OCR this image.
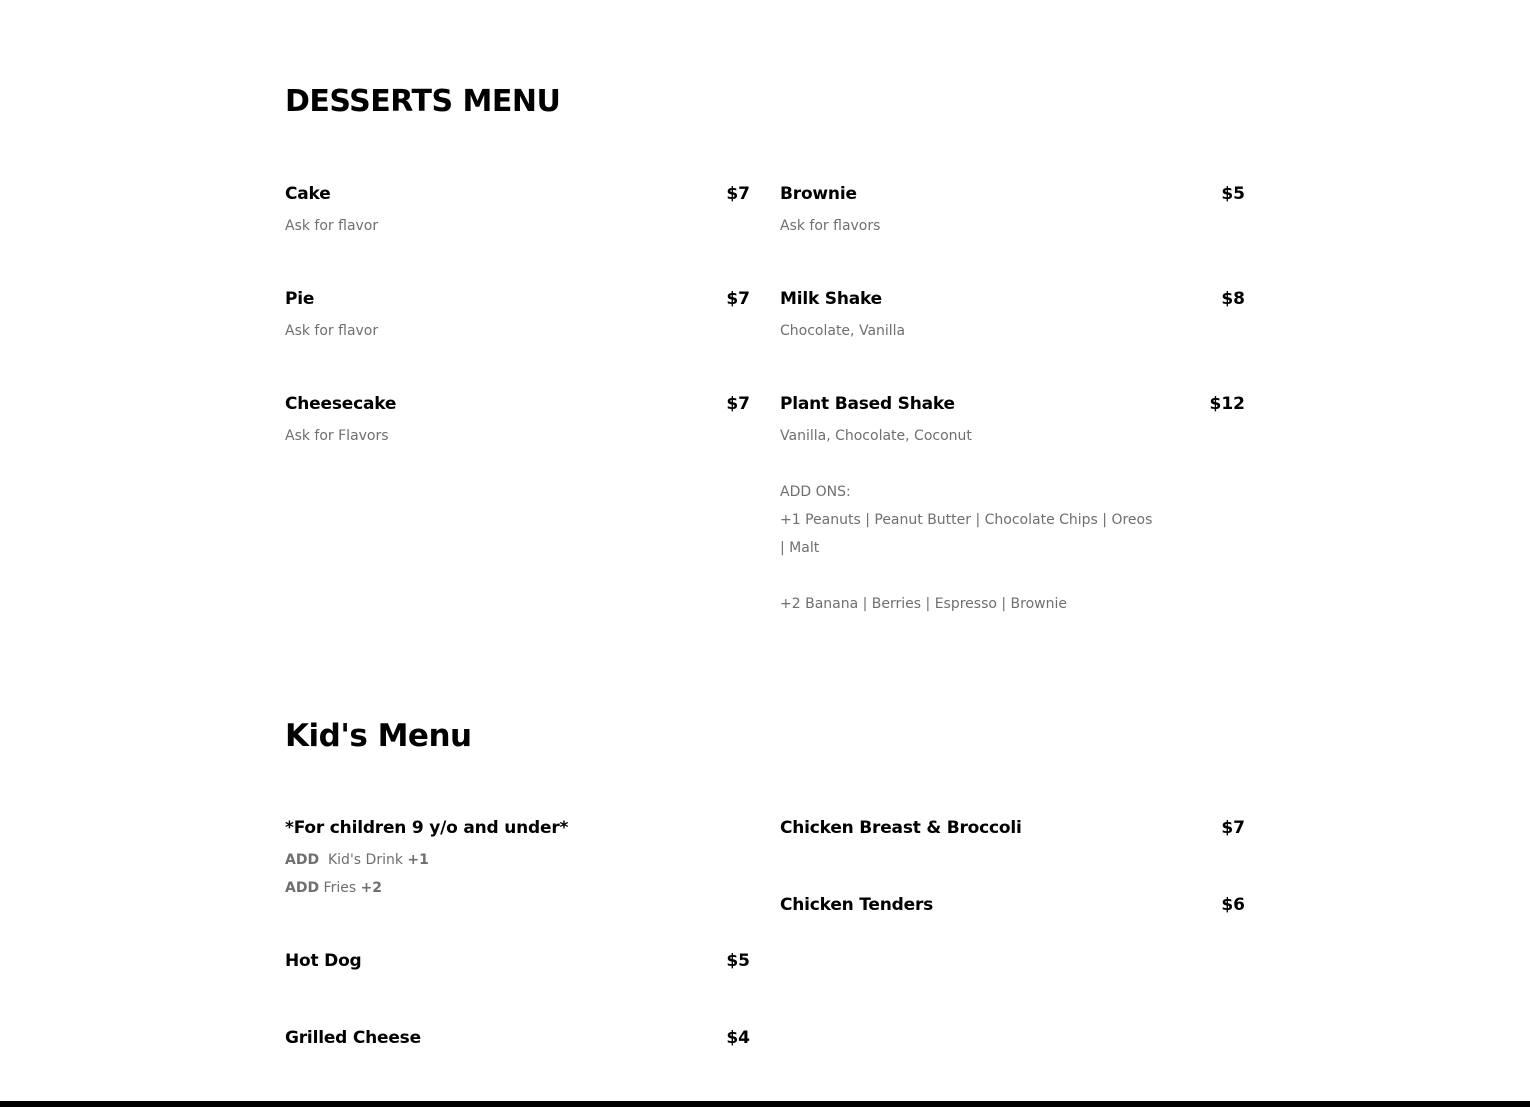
DESSERTS MENU
Cake	$7
Ask for flavor
Pie	$7
Ask for flavor
Cheesecake	$7
Ask for Flavors
Brownie	$5
Ask for flavors
Milk Shake	$8
Chocolate, Vanilla
Plant Based Shake	$12
Vanilla, Chocolate, Coconut
ADD ONS:
+1 Peanuts | Peanut Butter | Chocolate Chips | Oreos
| Malt
+2 Banana | Berries | Espresso | Brownie
Kid's Menu
*For children 9 y/o and under*
ADD Kid's Drink +1
ADD Fries +2
Hot Dog	$5
Grilled Cheese	$4
Chicken Breast & Broccoli	$7
Chicken Tenders	$6
